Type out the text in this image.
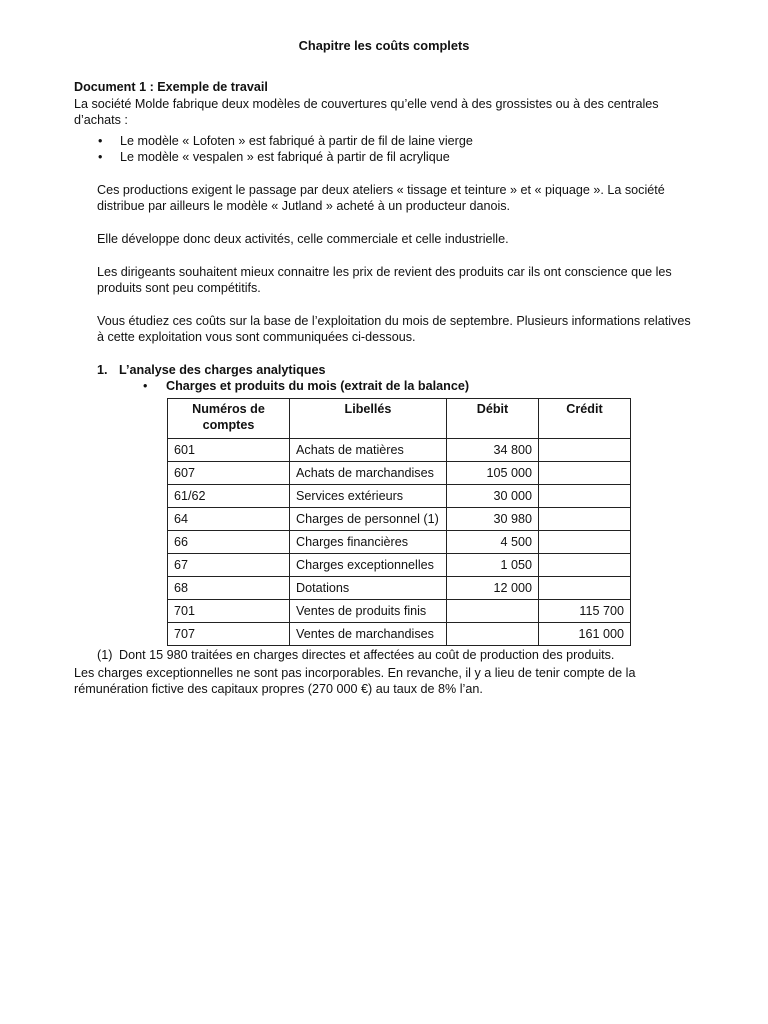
Chapitre les coûts complets
Document 1 : Exemple de travail

La société Molde fabrique deux modèles de couvertures qu’elle vend à des grossistes ou à des centrales d’achats :

• Le modèle « Lofoten » est fabriqué à partir de fil de laine vierge
• Le modèle « vespalen » est fabriqué à partir de fil acrylique

Ces productions exigent le passage par deux ateliers « tissage et teinture » et « piquage ». La société distribue par ailleurs le modèle « Jutland » acheté à un producteur danois.

Elle développe donc deux activités, celle commerciale et celle industrielle.

Les dirigeants souhaitent mieux connaitre les prix de revient des produits car ils ont conscience que les produits sont peu compétitifs.

Vous étudiez ces coûts sur la base de l’exploitation du mois de septembre. Plusieurs informations relatives à cette exploitation vous sont communiquées ci-dessous.

1. L’analyse des charges analytiques
• Charges et produits du mois (extrait de la balance)
Numéros de comptes	Libellés	Débit	Crédit
601	Achats de matières	34 800	
607	Achats de marchandises	105 000	
61/62	Services extérieurs	30 000	
64	Charges de personnel (1)	30 980	
66	Charges financières	4 500	
67	Charges exceptionnelles	1 050	
68	Dotations	12 000	
701	Ventes de produits finis		115 700
707	Ventes de marchandises		161 000

(1) Dont 15 980 traitées en charges directes et affectées au coût de production des produits.

Les charges exceptionnelles ne sont pas incorporables. En revanche, il y a lieu de tenir compte de la rémunération fictive des capitaux propres (270 000 €) au taux de 8% l’an.
